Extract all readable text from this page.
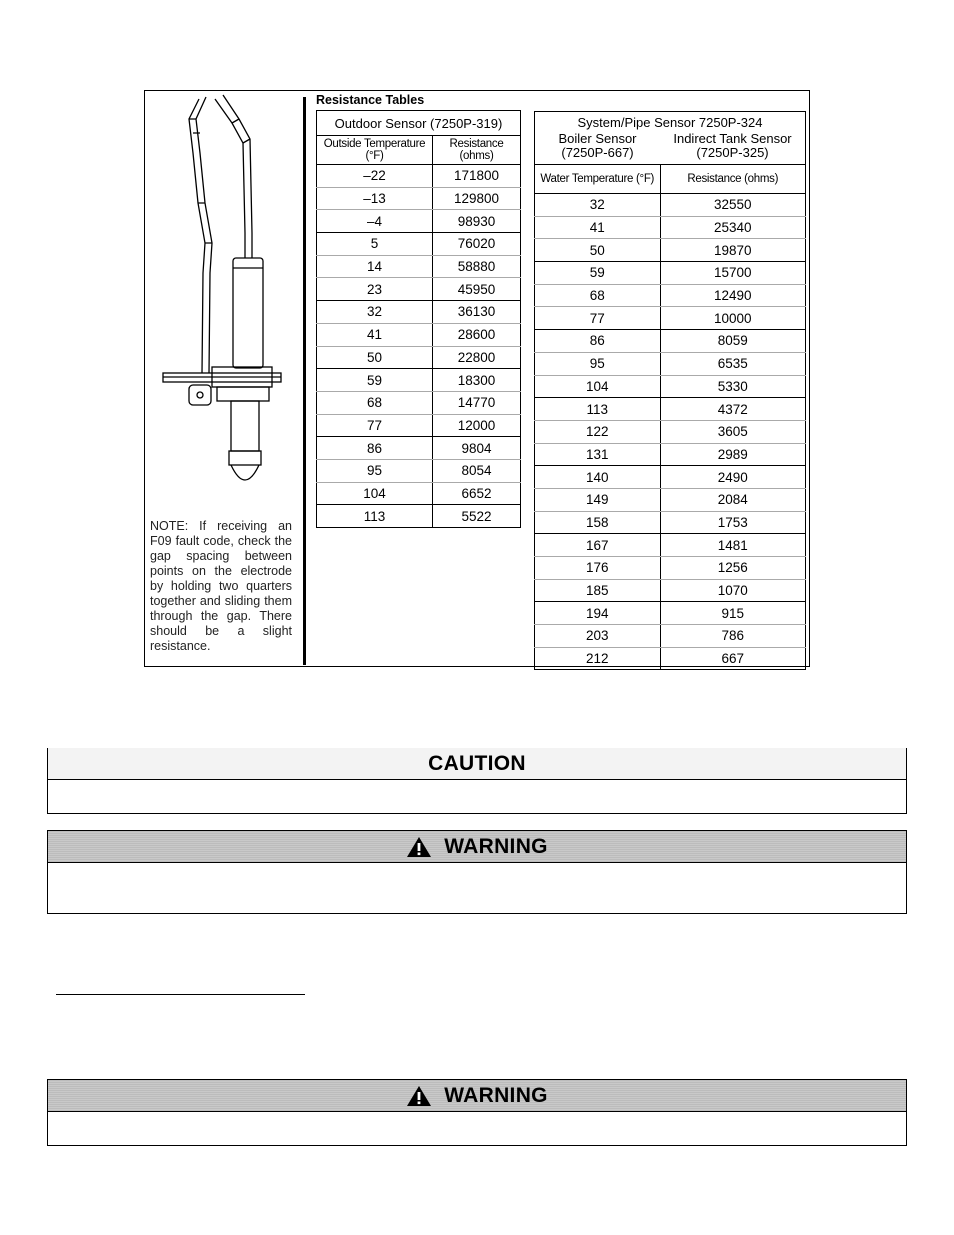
NOTE: If receiving an F09 fault code, check the gap spacing between points on the electrode by holding two quarters together and sliding them through the gap. There should be a slight resistance.
Resistance Tables
Outdoor Sensor (7250P-319)	
Outside Temperature (°F)	Resistance (ohms)
–22	171800
–13	129800
–4	98930
5	76020
14	58880
23	45950
32	36130
41	28600
50	22800
59	18300
68	14770
77	12000
86	9804
95	8054
104	6652
113	5522
System/Pipe Sensor 7250P-324	
Boiler Sensor (7250P-667)	Indirect Tank Sensor (7250P-325)
Water Temperature (°F)	Resistance (ohms)
32	32550
41	25340
50	19870
59	15700
68	12490
77	10000
86	8059
95	6535
104	5330
113	4372
122	3605
131	2989
140	2490
149	2084
158	1753
167	1481
176	1256
185	1070
194	915
203	786
212	667
CAUTION
WARNING
WARNING
